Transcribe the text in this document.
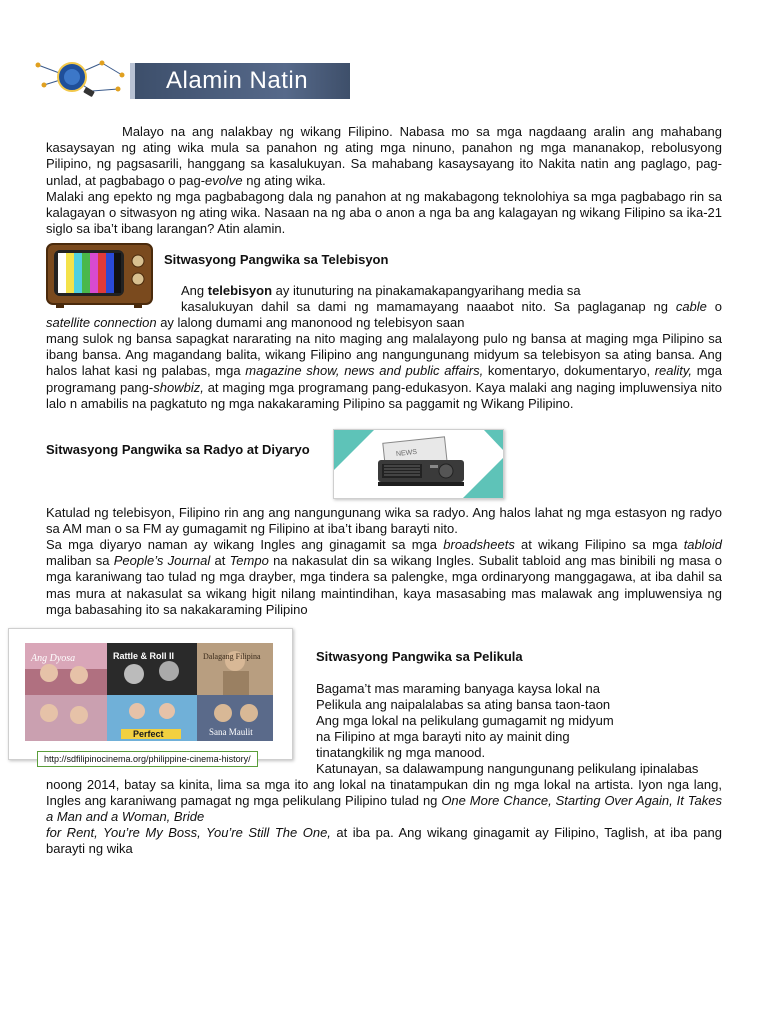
Alamin Natin
Malayo na ang nalakbay ng wikang Filipino. Nabasa mo sa mga nagdaang aralin ang mahabang kasaysayan ng ating wika mula sa panahon ng ating mga ninuno, panahon ng mga mananakop, rebolusyong Pilipino, ng pagsasarili, hanggang sa kasalukuyan. Sa mahabang kasaysayang ito Nakita natin ang paglago, pag-unlad, at pagbabago o pag-evolve ng ating wika.
Malaki ang epekto ng mga pagbabagong dala ng panahon at ng makabagong teknolohiya sa mga pagbabago rin sa kalagayan o sitwasyon ng ating wika. Nasaan na ng aba o anon a nga ba ang kalagayan ng wikang Filipino sa ika-21 siglo sa iba’t ibang larangan? Atin alamin.
Sitwasyong Pangwika sa Telebisyon
Ang telebisyon ay itunuturing na pinakamakapangyarihang media sa
kasalukuyan dahil sa dami ng mamamayang naaabot nito. Sa paglaganap ng cable o
satellite connection ay lalong dumami ang manonood ng telebisyon saan
mang sulok ng bansa sapagkat nararating na nito maging ang malalayong pulo ng bansa at maging mga Pilipino sa ibang bansa. Ang magandang balita, wikang Filipino ang nangungunang midyum sa telebisyon sa ating bansa. Ang halos lahat kasi ng palabas, mga magazine show, news and public affairs, komentaryo, dokumentaryo, reality, mga programang pang-showbiz, at maging mga programang pang-edukasyon. Kaya malaki ang naging impluwensiya nito lalo n amabilis na pagkatuto ng mga nakakaraming Pilipino sa paggamit ng Wikang Pilipino.
Sitwasyong Pangwika sa Radyo at Diyaryo	NEWS
Katulad ng telebisyon, Filipino rin ang ang nangungunang wika sa radyo. Ang halos lahat ng mga estasyon ng radyo sa AM man o sa FM ay gumagamit ng Filipino at iba’t ibang barayti nito.
Sa mga diyaryo naman ay wikang Ingles ang ginagamit sa mga broadsheets at wikang Filipino sa mga tabloid maliban sa People’s Journal at Tempo na nakasulat din sa wikang Ingles. Subalit tabloid ang mas binibili ng masa o mga karaniwang tao tulad ng mga drayber, mga tindera sa palengke, mga ordinaryong manggagawa, at iba dahil sa mas mura at nakasulat sa wikang higit nilang maintindihan, kaya masasabing mas malawak ang impluwensiya ng mga babasahing ito sa nakakaraming Pilipino
Ang Dyosa	Rattle & Roll II	Dalagang Filipina
Perfect	Sana Maulit
http://sdfilipinocinema.org/philippine-cinema-history/
Sitwasyong Pangwika sa Pelikula
Bagama’t mas maraming banyaga kaysa lokal na
Pelikula ang naipalalabas sa ating bansa taon-taon
Ang mga lokal na pelikulang gumagamit ng midyum
na Filipino at mga barayti nito ay mainit ding
tinatangkilik ng mga manood.
Katunayan, sa dalawampung nangungunang pelikulang ipinalabas
noong 2014, batay sa kinita, lima sa mga ito ang lokal na tinatampukan din ng mga lokal na artista. Iyon nga lang, Ingles ang karaniwang pamagat ng mga pelikulang Pilipino tulad ng One More Chance, Starting Over Again, It Takes a Man and a Woman, Bride
for Rent, You’re My Boss, You’re Still The One, at iba pa. Ang wikang ginagamit ay Filipino, Taglish, at iba pang barayti ng wika
